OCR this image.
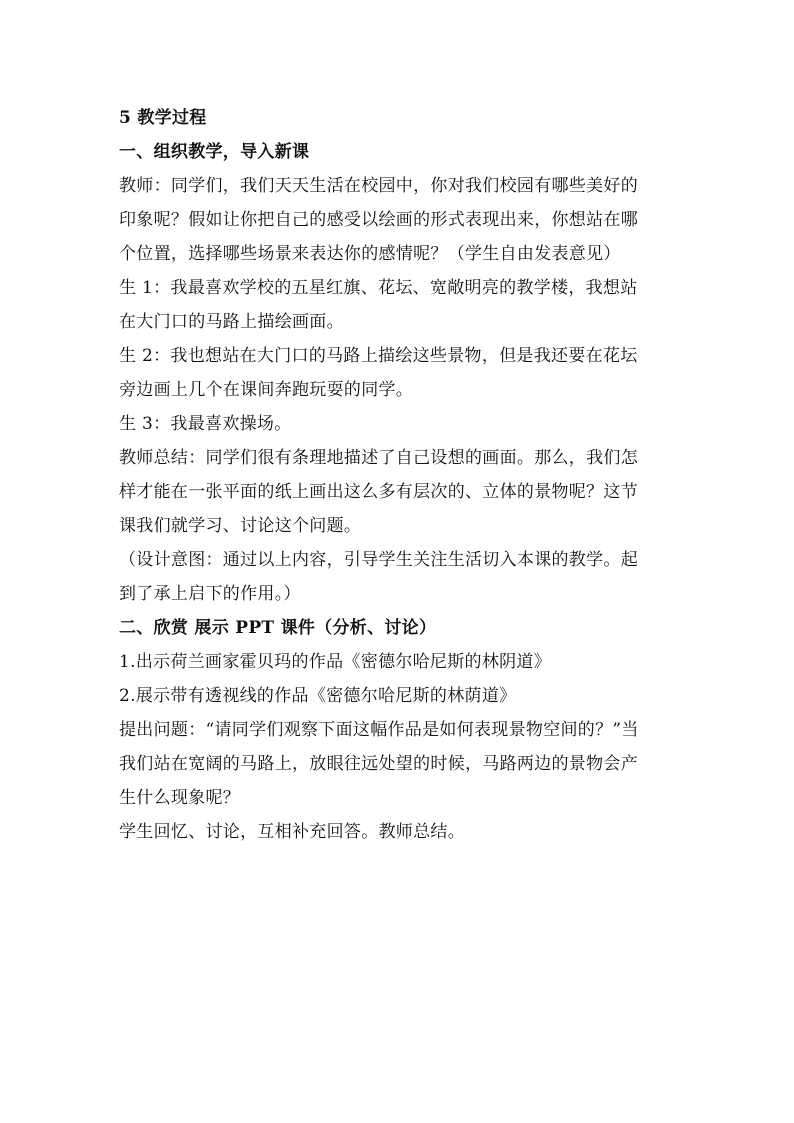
5 教学过程
一、组织教学，导入新课
教师：同学们，我们天天生活在校园中，你对我们校园有哪些美好的
印象呢？假如让你把自己的感受以绘画的形式表现出来，你想站在哪
个位置，选择哪些场景来表达你的感情呢？（学生自由发表意见）
生 1：我最喜欢学校的五星红旗、花坛、宽敞明亮的教学楼，我想站
在大门口的马路上描绘画面。
生 2：我也想站在大门口的马路上描绘这些景物，但是我还要在花坛
旁边画上几个在课间奔跑玩耍的同学。
生 3：我最喜欢操场。
教师总结：同学们很有条理地描述了自己设想的画面。那么，我们怎
样才能在一张平面的纸上画出这么多有层次的、立体的景物呢？这节
课我们就学习、讨论这个问题。
（设计意图：通过以上内容，引导学生关注生活切入本课的教学。起
到了承上启下的作用。）
二、欣赏 展示 PPT 课件（分析、讨论）
1.出示荷兰画家霍贝玛的作品《密德尔哈尼斯的林阴道》
2.展示带有透视线的作品《密德尔哈尼斯的林荫道》
提出问题：“请同学们观察下面这幅作品是如何表现景物空间的？”当
我们站在宽阔的马路上，放眼往远处望的时候，马路两边的景物会产
生什么现象呢？
学生回忆、讨论，互相补充回答。教师总结。
